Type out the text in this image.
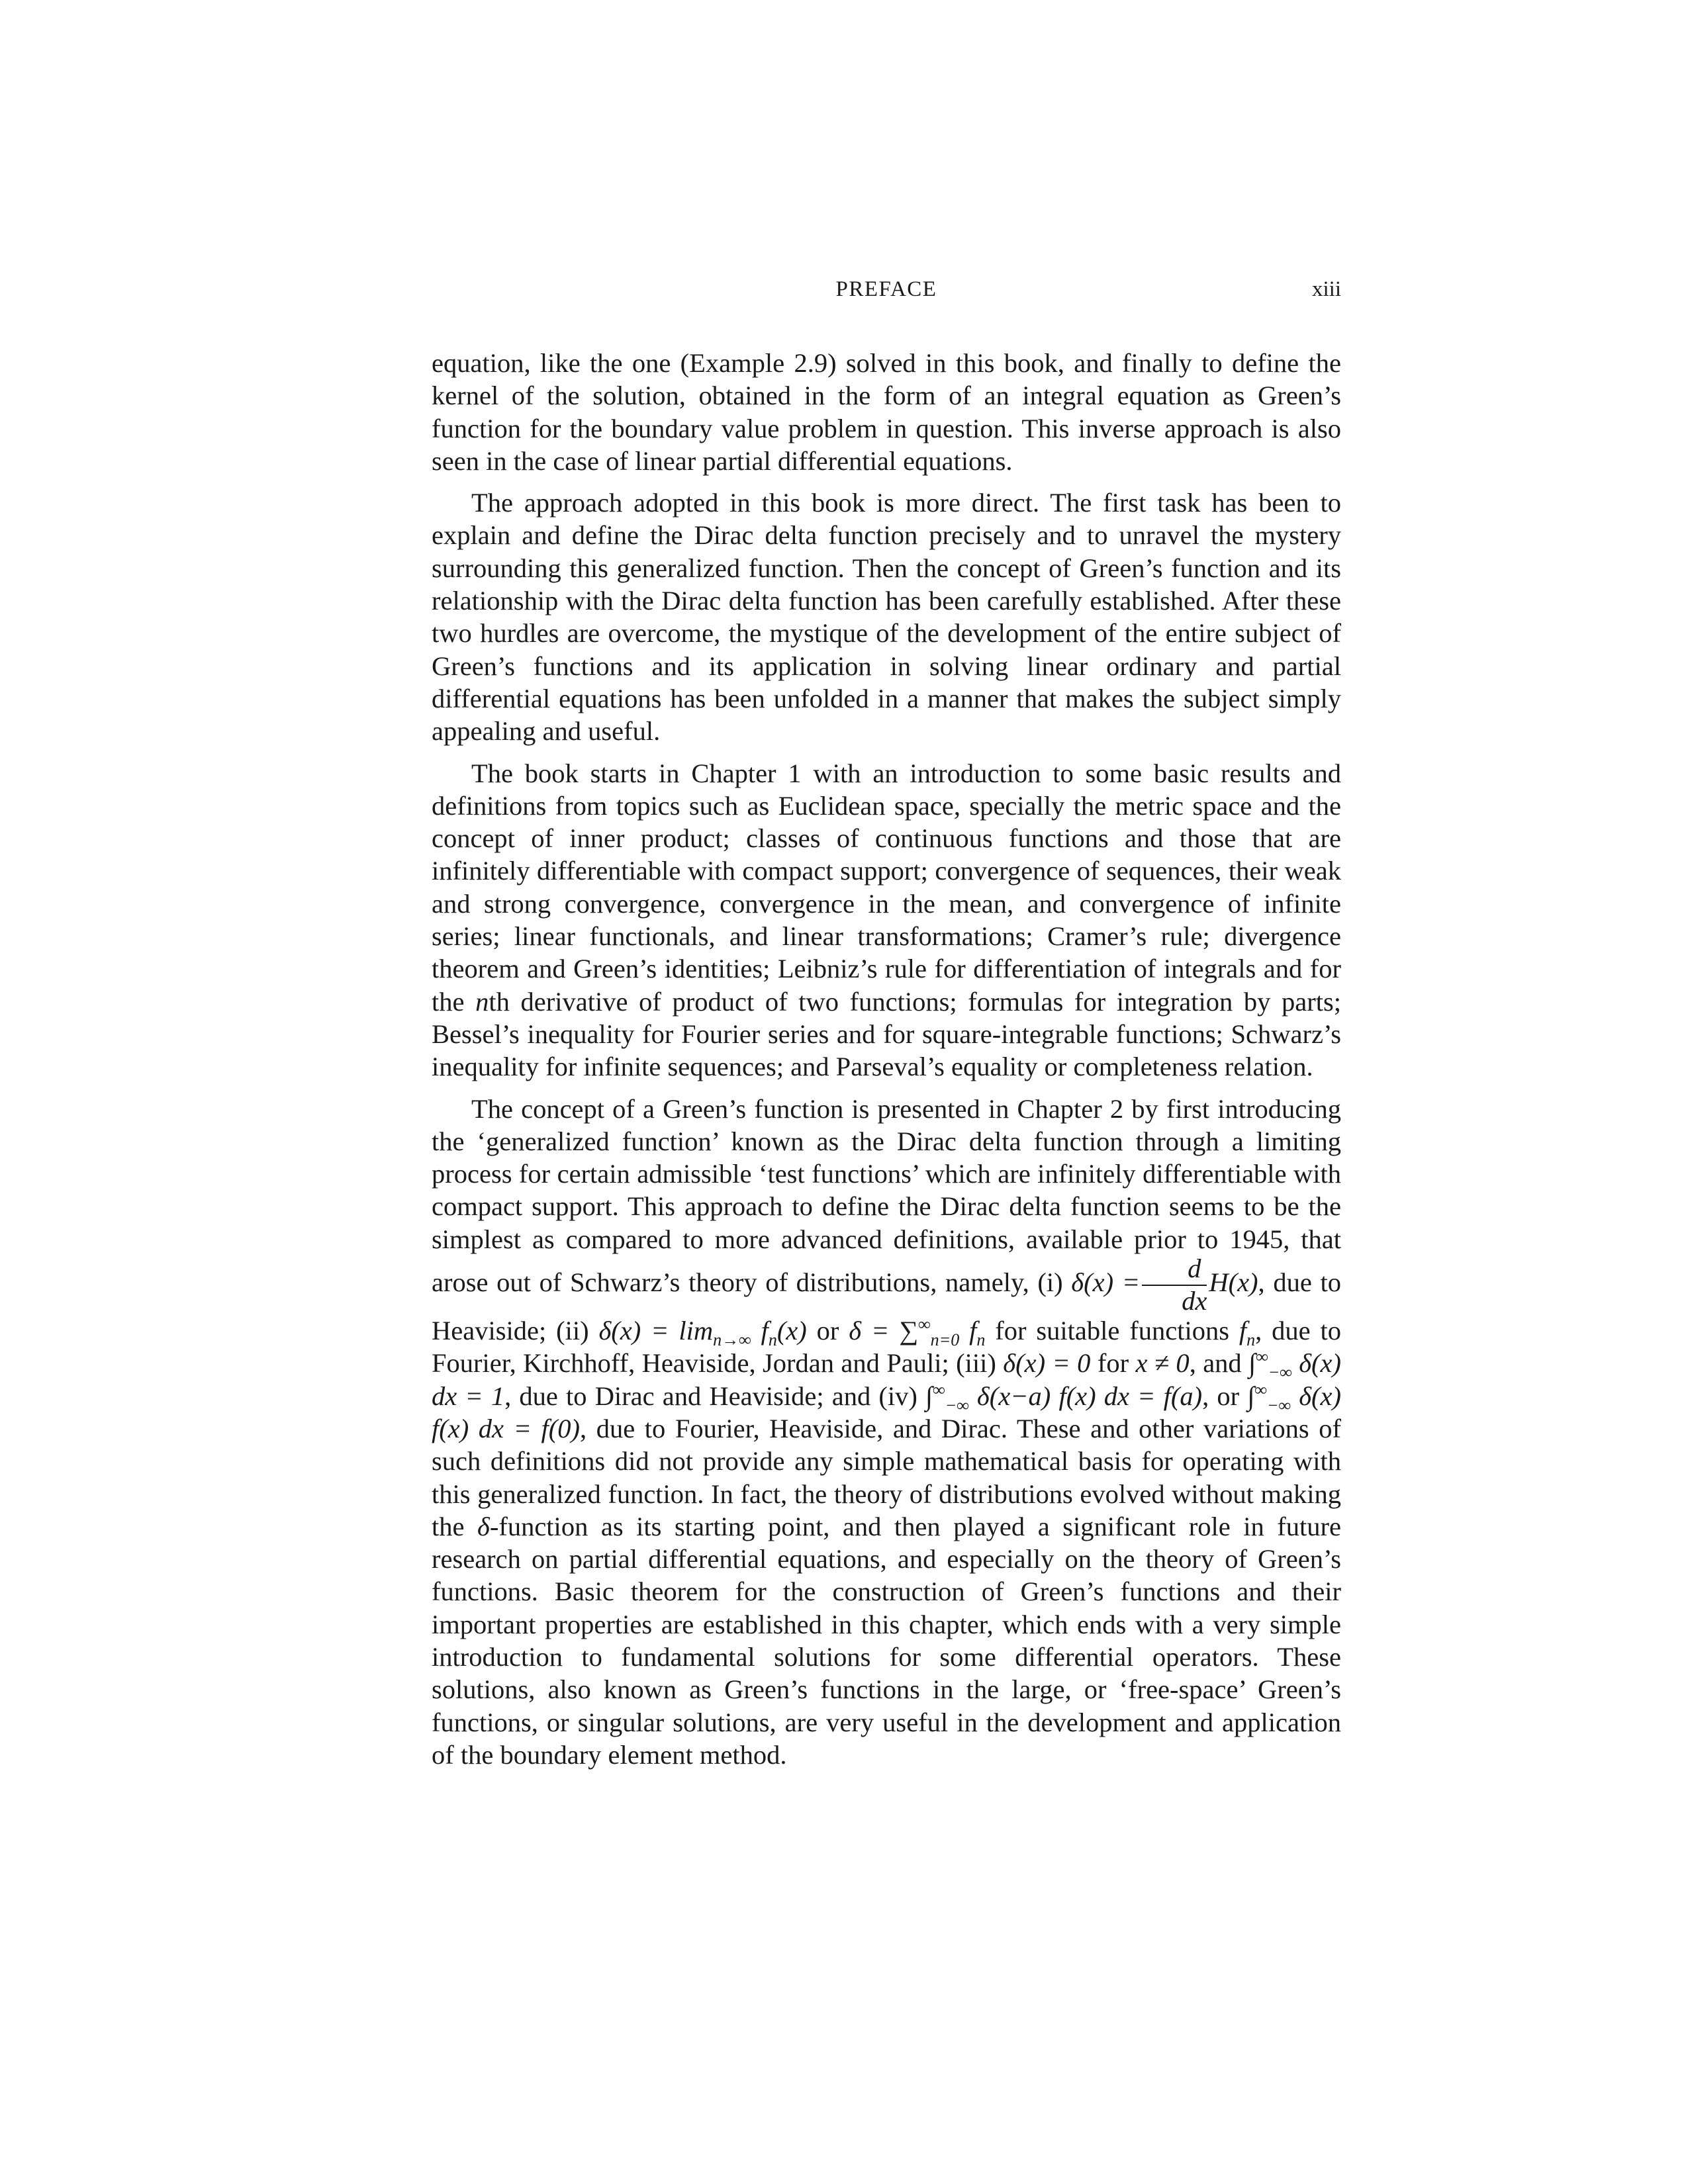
PREFACE	xiii

equation, like the one (Example 2.9) solved in this book, and finally to define the kernel of the solution, obtained in the form of an integral equation as Green’s function for the boundary value problem in question. This inverse approach is also seen in the case of linear partial differential equations.

The approach adopted in this book is more direct. The first task has been to explain and define the Dirac delta function precisely and to unravel the mystery surrounding this generalized function. Then the concept of Green’s function and its relationship with the Dirac delta function has been carefully established. After these two hurdles are overcome, the mystique of the development of the entire subject of Green’s functions and its application in solving linear ordinary and partial differential equations has been unfolded in a manner that makes the subject simply appealing and useful.

The book starts in Chapter 1 with an introduction to some basic results and definitions from topics such as Euclidean space, specially the metric space and the concept of inner product; classes of continuous functions and those that are infinitely differentiable with compact support; convergence of sequences, their weak and strong convergence, convergence in the mean, and convergence of infinite series; linear functionals, and linear transformations; Cramer’s rule; divergence theorem and Green’s identities; Leibniz’s rule for differentiation of integrals and for the nth derivative of product of two functions; formulas for integration by parts; Bessel’s inequality for Fourier series and for square-integrable functions; Schwarz’s inequality for infinite sequences; and Parseval’s equality or completeness relation.

The concept of a Green’s function is presented in Chapter 2 by first introducing the ‘generalized function’ known as the Dirac delta function through a limiting process for certain admissible ‘test functions’ which are infinitely differentiable with compact support. This approach to define the Dirac delta function seems to be the simplest as compared to more advanced definitions, available prior to 1945, that arose out of Schwarz’s theory of distributions, namely, (i) $\delta(x) = \frac{d}{dx} H(x)$, due to Heaviside; (ii) $\delta(x) = \lim_{n\to\infty} f_n(x)$ or $\delta = \sum^\infty_{n=0}$ $f_n$ for suitable functions $f_n$, due to Fourier, Kirchhoff, Heaviside, Jordan and Pauli; (iii) δ(x) = 0 for x ≠ 0, and $\int^\infty_{-\infty}$ δ(x) dx = 1, due to Dirac and Heaviside; and (iv) $\int^\infty_{-\infty}$ δ(x−a) f(x) dx = f(a), or $\int^\infty_{-\infty}$ δ(x) f(x) dx = f(0), due to Fourier, Heaviside, and Dirac. These and other variations of such definitions did not provide any simple mathematical basis for operating with this generalized function. In fact, the theory of distributions evolved without making the δ-function as its starting point, and then played a significant role in future research on partial differential equations, and especially on the theory of Green’s functions. Basic theorem for the construction of Green’s functions and their important properties are established in this chapter, which ends with a very simple introduction to fundamental solutions for some differential operators. These solutions, also known as Green’s functions in the large, or ‘free-space’ Green’s functions, or singular solutions, are very useful in the development and application of the boundary element method.
